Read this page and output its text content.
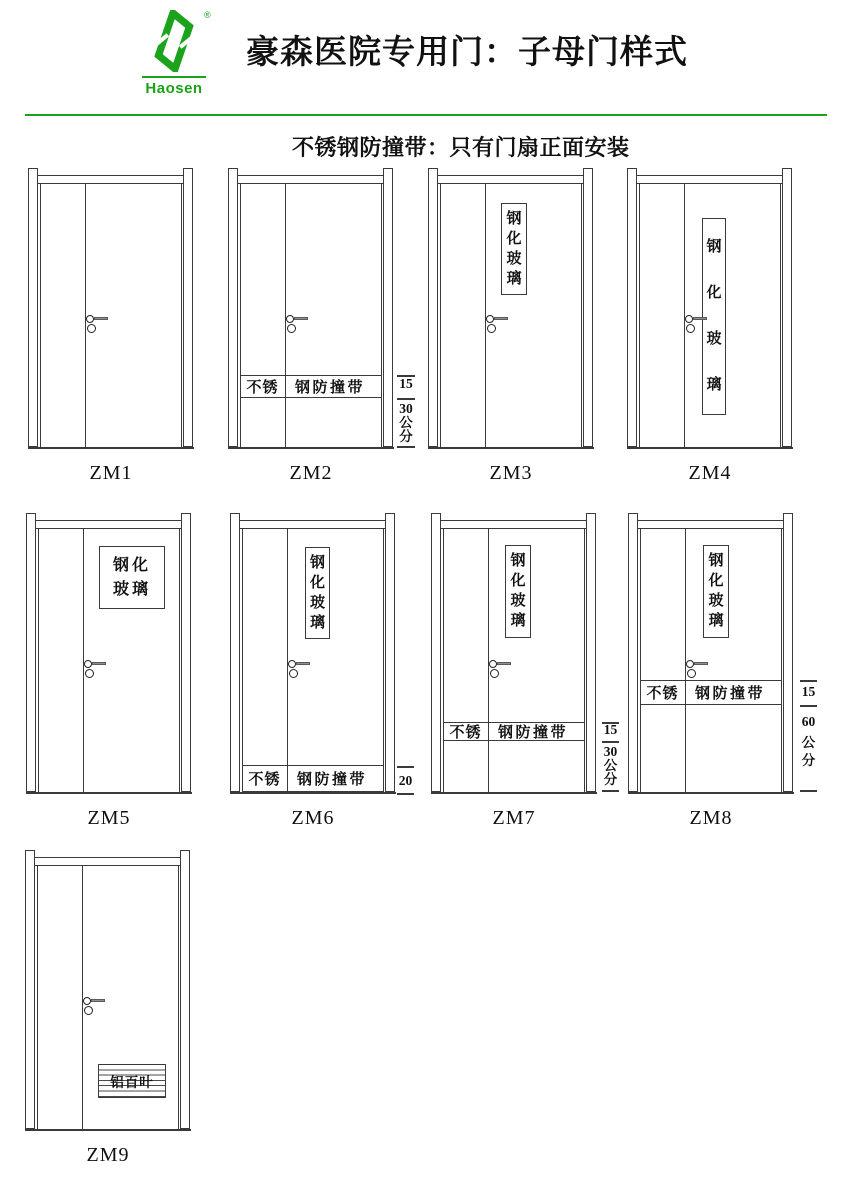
®
Haosen
豪森医院专用门：子母门样式
不锈钢防撞带：只有门扇正面安装
ZM1	ZM2
不锈	钢防撞带	15
30
公
分
ZM3
钢
化
玻
璃
ZM4
钢
化
玻
璃
ZM5
钢化
玻璃
ZM6
钢
化
玻
璃
不锈	钢防撞带 20
ZM7
钢
化
玻
璃
不锈	钢防撞带	15
30
公
分
ZM8
钢
化
玻
璃
不锈	钢防撞带	15
60
公
分
ZM9
铝百叶
